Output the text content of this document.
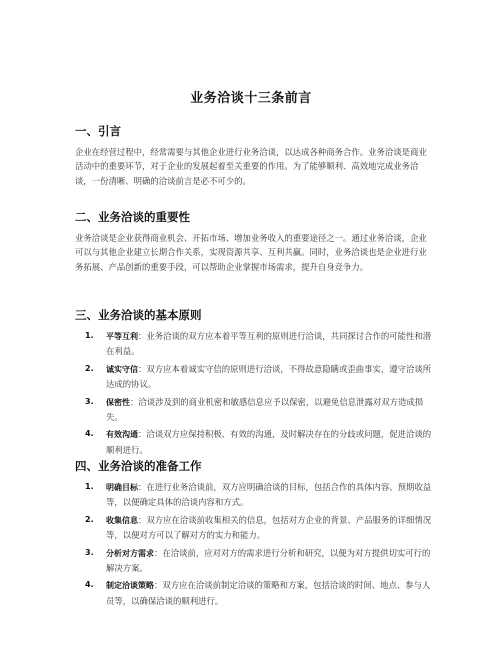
业务洽谈十三条前言
一、引言

企业在经营过程中，经常需要与其他企业进行业务洽谈，以达成各种商务合作。业务洽谈是商业活动中的重要环节，对于企业的发展起着至关重要的作用。为了能够顺利、高效地完成业务洽谈，一份清晰、明确的洽谈前言是必不可少的。

二、业务洽谈的重要性

业务洽谈是企业获得商业机会、开拓市场、增加业务收入的重要途径之一。通过业务洽谈，企业可以与其他企业建立长期合作关系，实现资源共享、互利共赢。同时，业务洽谈也是企业进行业务拓展、产品创新的重要手段，可以帮助企业掌握市场需求，提升自身竞争力。

三、业务洽谈的基本原则
1. 平等互利：业务洽谈的双方应本着平等互利的原则进行洽谈，共同探讨合作的可能性和潜在利益。
2. 诚实守信：双方应本着诚实守信的原则进行洽谈，不得故意隐瞒或歪曲事实，遵守洽谈所达成的协议。
3. 保密性：洽谈涉及到的商业机密和敏感信息应予以保密，以避免信息泄露对双方造成损失。
4. 有效沟通：洽谈双方应保持积极、有效的沟通，及时解决存在的分歧或问题，促进洽谈的顺利进行。
四、业务洽谈的准备工作
1. 明确目标：在进行业务洽谈前，双方应明确洽谈的目标，包括合作的具体内容、预期收益等，以便确定具体的洽谈内容和方式。
2. 收集信息：双方应在洽谈前收集相关的信息，包括对方企业的背景、产品服务的详细情况等，以便对方可以了解对方的实力和能力。
3. 分析对方需求：在洽谈前，应对对方的需求进行分析和研究，以便为对方提供切实可行的解决方案。
4. 制定洽谈策略：双方应在洽谈前制定洽谈的策略和方案，包括洽谈的时间、地点、参与人员等，以确保洽谈的顺利进行。
